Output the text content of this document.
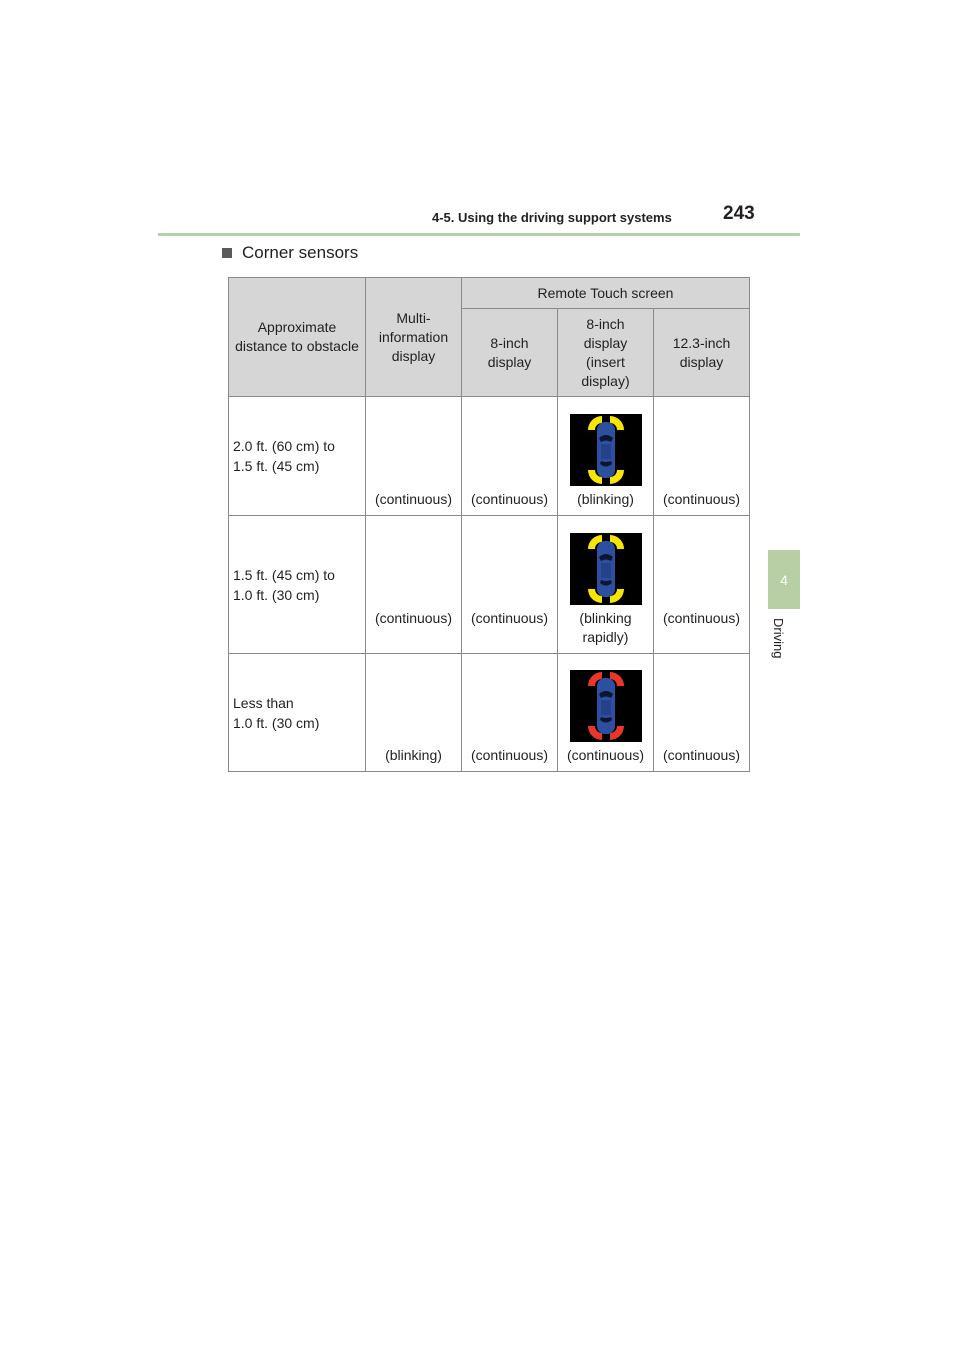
4-5. Using the driving support systems	243
4
Driving
Corner sensors
Approximate distance to obstacle	Multi-information display	Remote Touch screen		
		8-inch display	8-inch display (insert display)	12.3-inch display

2.0 ft. (60 cm) to
1.5 ft. (45 cm)	(continuous)	(continuous)	(blinking)	(continuous)

1.5 ft. (45 cm) to
1.0 ft. (30 cm)	(continuous)	(continuous)	(blinking rapidly)	(continuous)

Less than
1.0 ft. (30 cm)	(blinking)	(continuous)	(continuous)	(continuous)
